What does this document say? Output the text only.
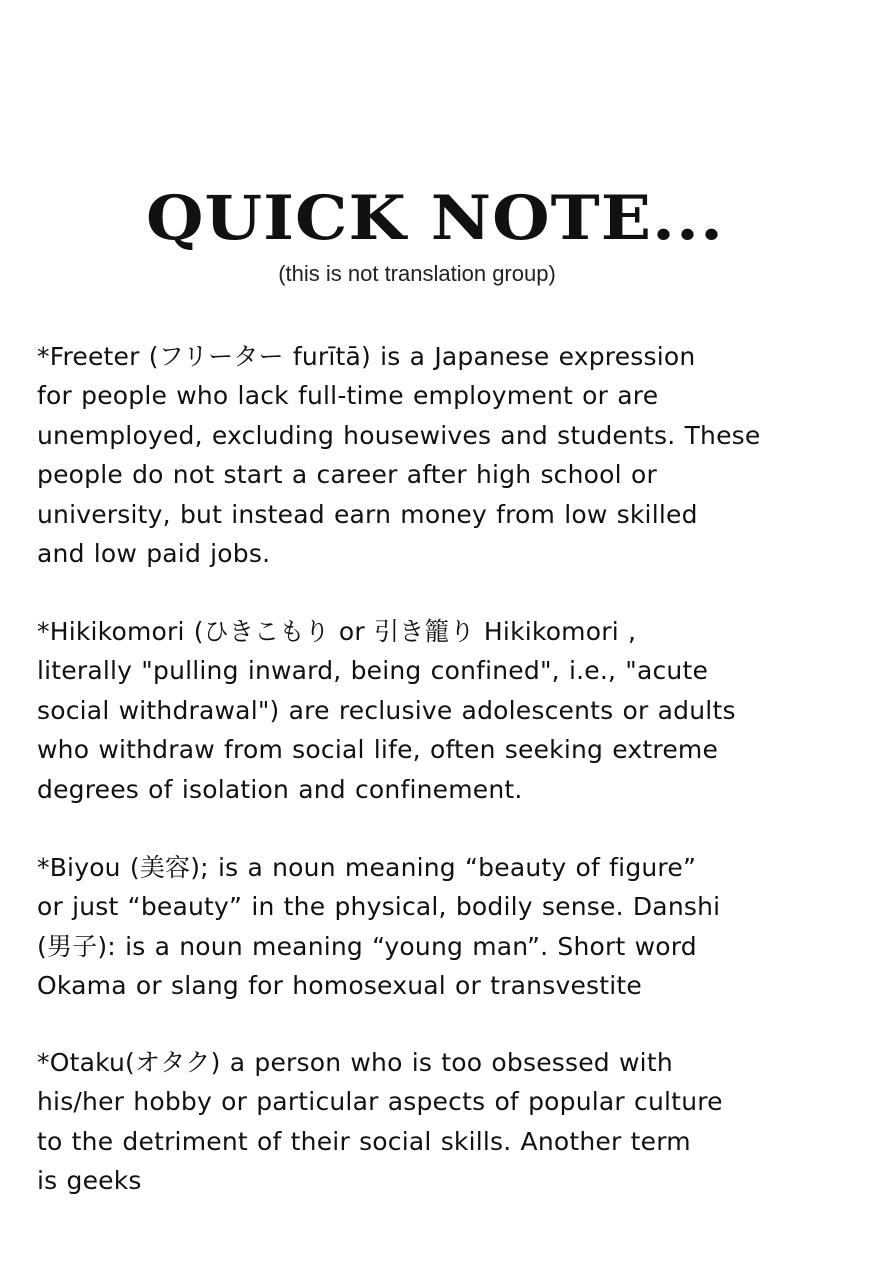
QUICK NOTE...
(this is not translation group)

*Freeter (フリーター furītā) is a Japanese expression
for people who lack full-time employment or are
unemployed, excluding housewives and students. These
people do not start a career after high school or
university, but instead earn money from low skilled
and low paid jobs.

*Hikikomori (ひきこもり or 引き籠り Hikikomori ,
literally "pulling inward, being confined", i.e., "acute
social withdrawal") are reclusive adolescents or adults
who withdraw from social life, often seeking extreme
degrees of isolation and confinement.

*Biyou (美容); is a noun meaning “beauty of figure”
or just “beauty” in the physical, bodily sense. Danshi
(男子): is a noun meaning “young man”. Short word
Okama or slang for homosexual or transvestite

*Otaku(オタク) a person who is too obsessed with
his/her hobby or particular aspects of popular culture
to the detriment of their social skills. Another term
is geeks
